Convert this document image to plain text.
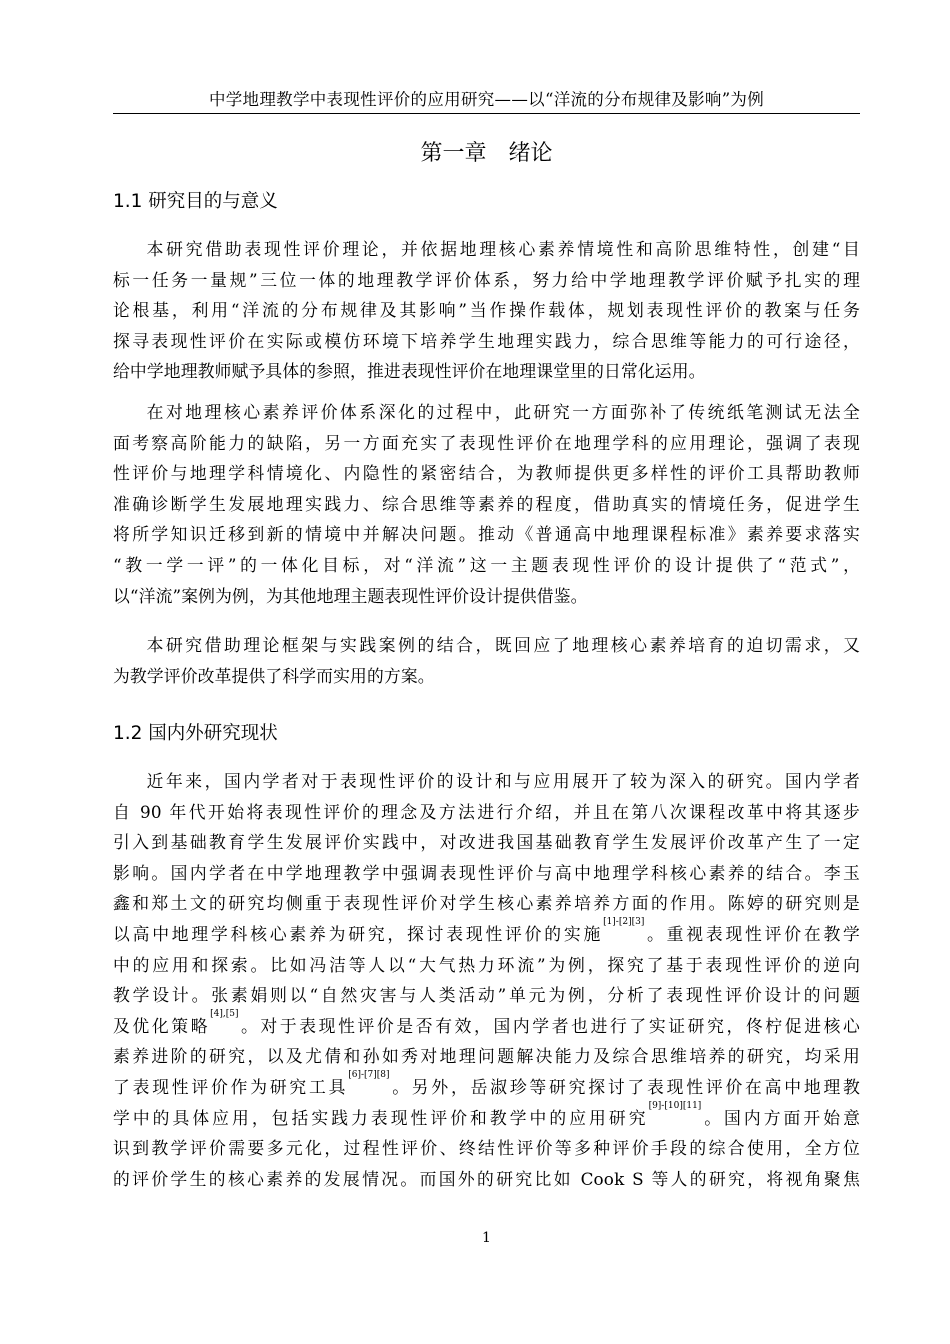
中学地理教学中表现性评价的应用研究——以“洋流的分布规律及影响”为例
第一章　绪论
1.1 研究目的与意义
本研究借助表现性评价理论，并依据地理核心素养情境性和高阶思维特性，创建“目
标一任务一量规”三位一体的地理教学评价体系，努力给中学地理教学评价赋予扎实的理
论根基，利用“洋流的分布规律及其影响”当作操作载体，规划表现性评价的教案与任务
探寻表现性评价在实际或模仿环境下培养学生地理实践力，综合思维等能力的可行途径，
给中学地理教师赋予具体的参照，推进表现性评价在地理课堂里的日常化运用。
在对地理核心素养评价体系深化的过程中，此研究一方面弥补了传统纸笔测试无法全
面考察高阶能力的缺陷，另一方面充实了表现性评价在地理学科的应用理论，强调了表现
性评价与地理学科情境化、内隐性的紧密结合，为教师提供更多样性的评价工具帮助教师
准确诊断学生发展地理实践力、综合思维等素养的程度，借助真实的情境任务，促进学生
将所学知识迁移到新的情境中并解决问题。推动《普通高中地理课程标准》素养要求落实
“教一学一评”的一体化目标，对“洋流”这一主题表现性评价的设计提供了“范式”，
以“洋流”案例为例，为其他地理主题表现性评价设计提供借鉴。
本研究借助理论框架与实践案例的结合，既回应了地理核心素养培育的迫切需求，又
为教学评价改革提供了科学而实用的方案。
1.2 国内外研究现状
近年来，国内学者对于表现性评价的设计和与应用展开了较为深入的研究。国内学者
自 90 年代开始将表现性评价的理念及方法进行介绍，并且在第八次课程改革中将其逐步
引入到基础教育学生发展评价实践中，对改进我国基础教育学生发展评价改革产生了一定
影响。国内学者在中学地理教学中强调表现性评价与高中地理学科核心素养的结合。李玉
鑫和郑土文的研究均侧重于表现性评价对学生核心素养培养方面的作用。陈婷的研究则是
以高中地理学科核心素养为研究，探讨表现性评价的实施[1]-[2][3]。重视表现性评价在教学
中的应用和探索。比如冯洁等人以“大气热力环流”为例，探究了基于表现性评价的逆向
教学设计。张素娟则以“自然灾害与人类活动”单元为例，分析了表现性评价设计的问题
及优化策略[4],[5]。对于表现性评价是否有效，国内学者也进行了实证研究，佟柠促进核心
素养进阶的研究，以及尤倩和孙如秀对地理问题解决能力及综合思维培养的研究，均采用
了表现性评价作为研究工具[6]-[7][8]。另外，岳淑珍等研究探讨了表现性评价在高中地理教
学中的具体应用，包括实践力表现性评价和教学中的应用研究[9]-[10][11]。国内方面开始意
识到教学评价需要多元化，过程性评价、终结性评价等多种评价手段的综合使用，全方位
的评价学生的核心素养的发展情况。而国外的研究比如 Cook S 等人的研究，将视角聚焦
1
